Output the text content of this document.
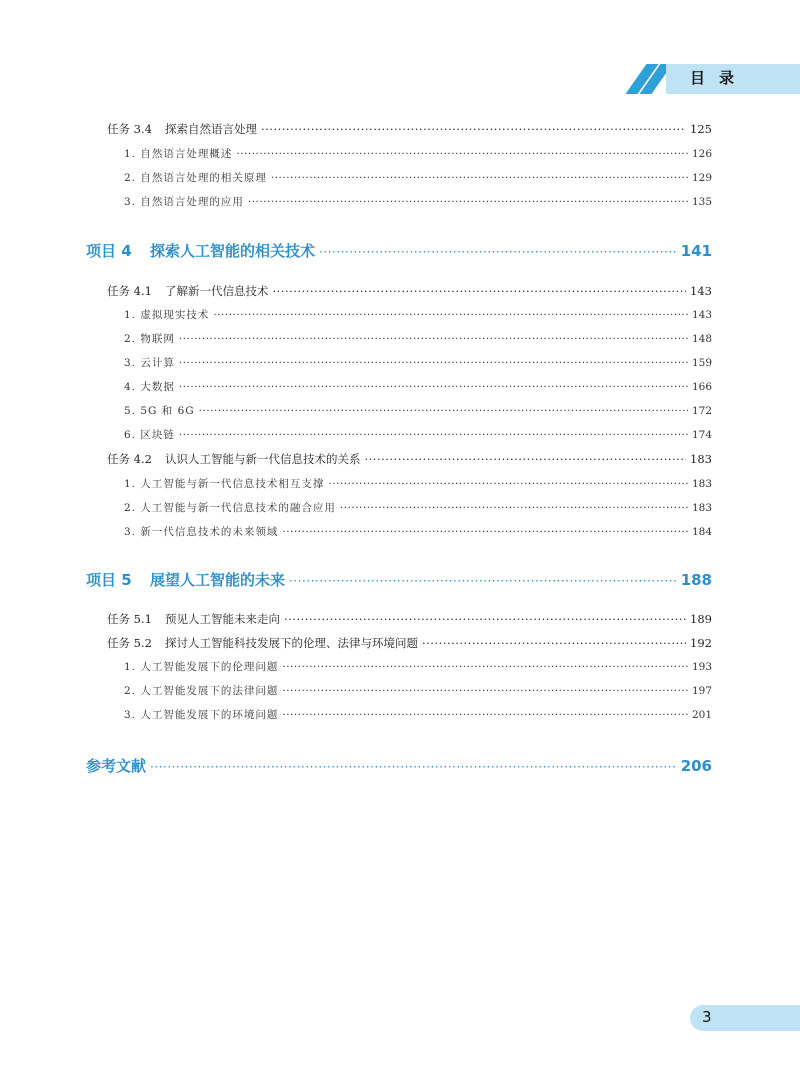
目录
任务 3.4	探索自然语言处理 ·····	125
1. 自然语言处理概述 ·····	126
2. 自然语言处理的相关原理 ·····	129
3. 自然语言处理的应用 ·····	135
项目 4	探索人工智能的相关技术 ·····	141
任务 4.1	了解新一代信息技术 ·····	143
1. 虚拟现实技术 ·····	143
2. 物联网 ·····	148
3. 云计算 ·····	159
4. 大数据 ·····	166
5. 5G 和 6G ·····	172
6. 区块链 ·····	174
任务 4.2	认识人工智能与新一代信息技术的关系 ·····	183
1. 人工智能与新一代信息技术相互支撑 ·····	183
2. 人工智能与新一代信息技术的融合应用 ·····	183
3. 新一代信息技术的未来领域 ·····	184
项目 5	展望人工智能的未来 ·····	188
任务 5.1	预见人工智能未来走向 ·····	189
任务 5.2	探讨人工智能科技发展下的伦理、法律与环境问题 ·····	192
1. 人工智能发展下的伦理问题 ·····	193
2. 人工智能发展下的法律问题 ·····	197
3. 人工智能发展下的环境问题 ·····	201
参考文献 ·····	206
3
